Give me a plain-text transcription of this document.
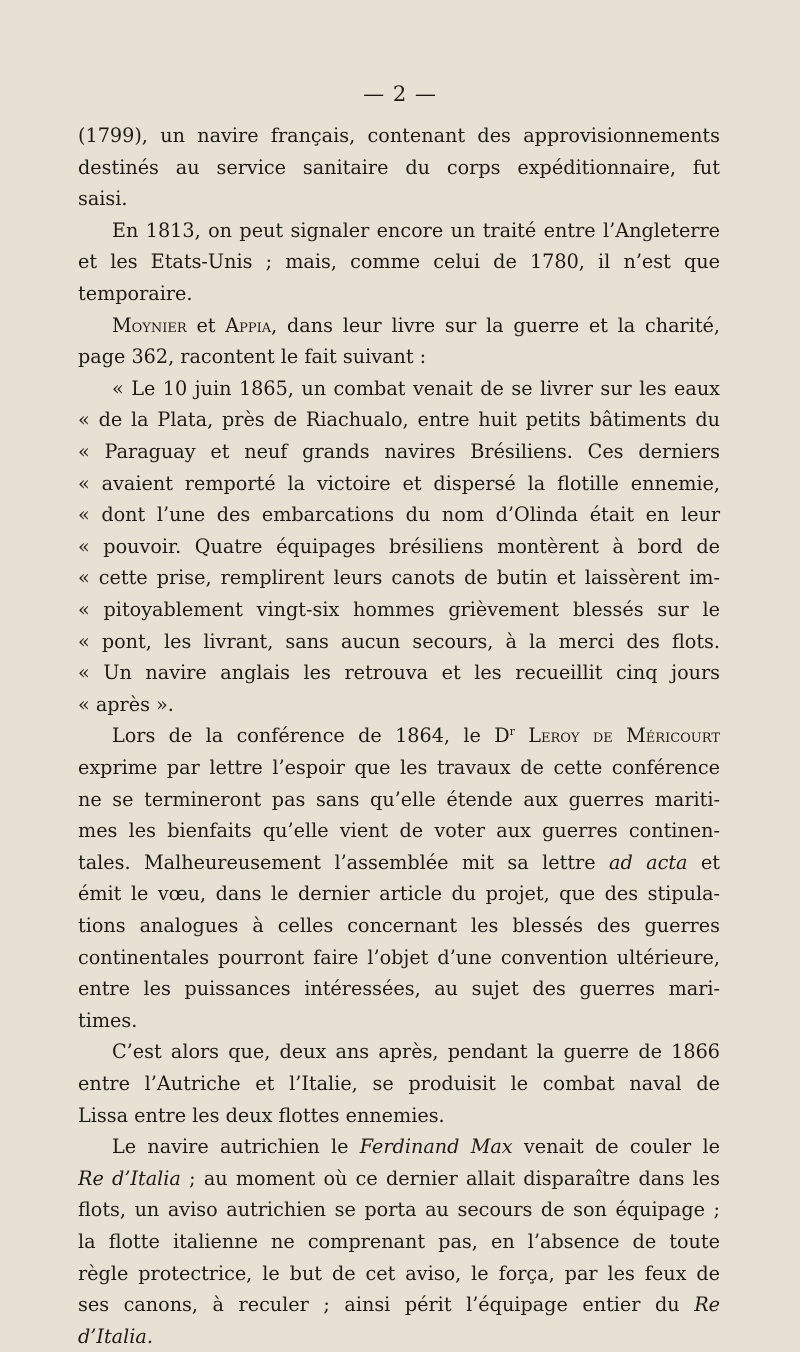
— 2 —
(1799), un navire français, contenant des approvisionnements
destinés au service sanitaire du corps expéditionnaire, fut
saisi.
En 1813, on peut signaler encore un traité entre l’Angleterre
et les Etats-Unis ; mais, comme celui de 1780, il n’est que
temporaire.
Moynier et Appia, dans leur livre sur la guerre et la charité,
page 362, racontent le fait suivant :
« Le 10 juin 1865, un combat venait de se livrer sur les eaux
« de la Plata, près de Riachualo, entre huit petits bâtiments du
« Paraguay et neuf grands navires Brésiliens. Ces derniers
« avaient remporté la victoire et dispersé la flotille ennemie,
« dont l’une des embarcations du nom d’Olinda était en leur
« pouvoir. Quatre équipages brésiliens montèrent à bord de
« cette prise, remplirent leurs canots de butin et laissèrent im-
« pitoyablement vingt-six hommes grièvement blessés sur le
« pont, les livrant, sans aucun secours, à la merci des flots.
« Un navire anglais les retrouva et les recueillit cinq jours
« après ».
Lors de la conférence de 1864, le $D^r$ Leroy de Méricourt
exprime par lettre l’espoir que les travaux de cette conférence
ne se termineront pas sans qu’elle étende aux guerres mariti-
mes les bienfaits qu’elle vient de voter aux guerres continen-
tales. Malheureusement l’assemblée mit sa lettre ad acta et
émit le vœu, dans le dernier article du projet, que des stipula-
tions analogues à celles concernant les blessés des guerres
continentales pourront faire l’objet d’une convention ultérieure,
entre les puissances intéressées, au sujet des guerres mari-
times.
C’est alors que, deux ans après, pendant la guerre de 1866
entre l’Autriche et l’Italie, se produisit le combat naval de
Lissa entre les deux flottes ennemies.
Le navire autrichien le Ferdinand Max venait de couler le
Re d’Italia ; au moment où ce dernier allait disparaître dans les
flots, un aviso autrichien se porta au secours de son équipage ;
la flotte italienne ne comprenant pas, en l’absence de toute
règle protectrice, le but de cet aviso, le força, par les feux de
ses canons, à reculer ; ainsi périt l’équipage entier du Re
d’Italia.
